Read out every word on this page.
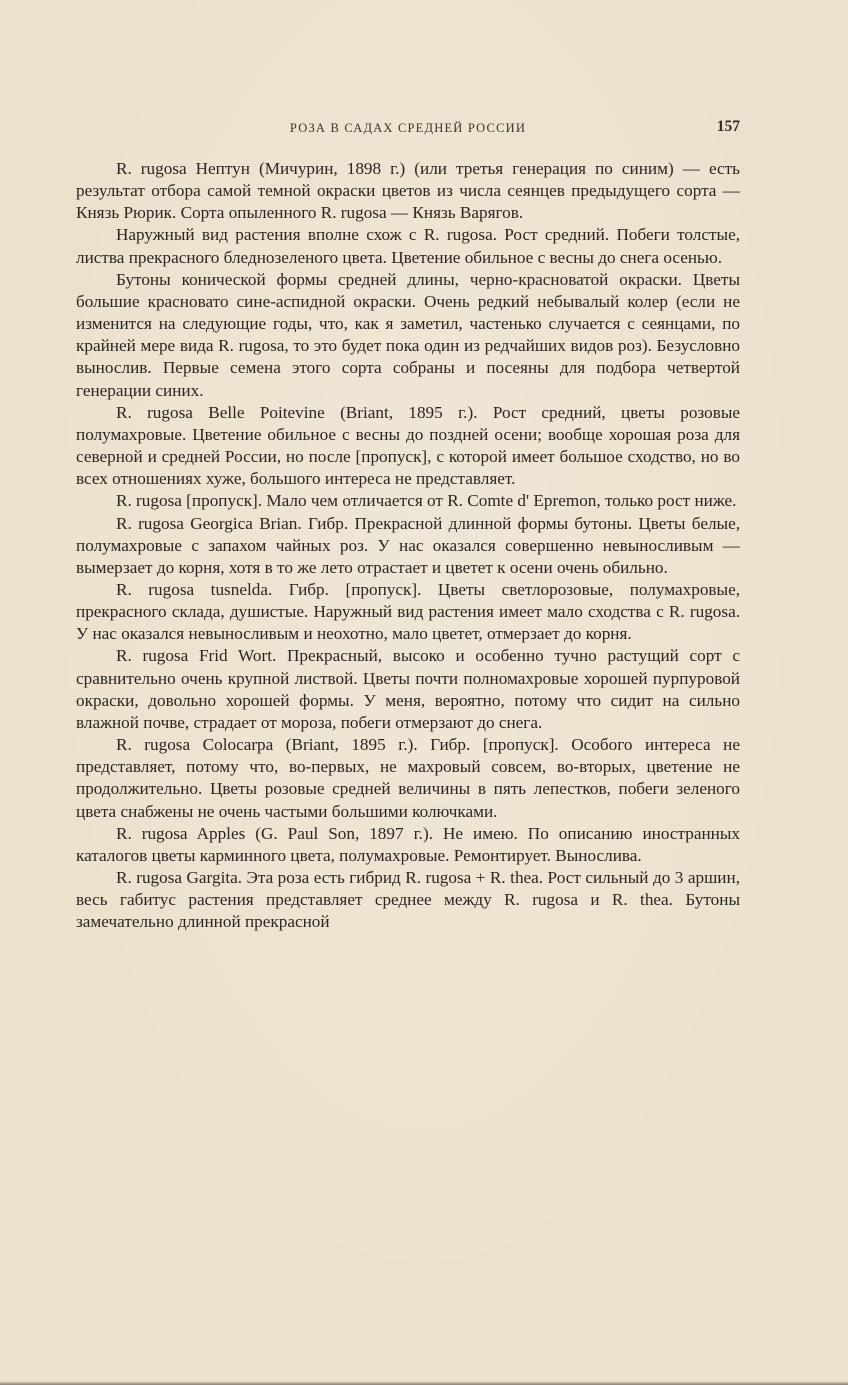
РОЗА В САДАХ СРЕДНЕЙ РОССИИ	157

R. rugosa Нептун (Мичурин, 1898 г.) (или третья генерация по синим) — есть результат отбора самой темной окраски цветов из числа сеянцев предыдущего сорта — Князь Рюрик. Сорта опыленного R. rugosa — Князь Варягов.

Наружный вид растения вполне схож с R. rugosa. Рост средний. Побеги толстые, листва прекрасного бледнозеленого цвета. Цветение обильное с весны до снега осенью.

Бутоны конической формы средней длины, черно-красноватой окраски. Цветы большие красновато сине-аспидной окраски. Очень редкий небывалый колер (если не изменится на следующие годы, что, как я заметил, частенько случается с сеянцами, по крайней мере вида R. rugosa, то это будет пока один из редчайших видов роз). Безусловно вынослив. Первые семена этого сорта собраны и посеяны для подбора четвертой генерации синих.

R. rugosa Belle Poitevine (Briant, 1895 г.). Рост средний, цветы розовые полумахровые. Цветение обильное с весны до поздней осени; вообще хорошая роза для северной и средней России, но после [пропуск], с которой имеет большое сходство, но во всех отношениях хуже, большого интереса не представляет.

R. rugosa [пропуск]. Мало чем отличается от R. Comte d' Epremon, только рост ниже.

R. rugosa Georgica Brian. Гибр. Прекрасной длинной формы бутоны. Цветы белые, полумахровые с запахом чайных роз. У нас оказался совершенно невыносливым — вымерзает до корня, хотя в то же лето отрастает и цветет к осени очень обильно.

R. rugosa tusnelda. Гибр. [пропуск]. Цветы светлорозовые, полумахровые, прекрасного склада, душистые. Наружный вид растения имеет мало сходства с R. rugosa. У нас оказался невыносливым и неохотно, мало цветет, отмерзает до корня.

R. rugosa Frid Wort. Прекрасный, высоко и особенно тучно растущий сорт с сравнительно очень крупной листвой. Цветы почти полномахровые хорошей пурпуровой окраски, довольно хорошей формы. У меня, вероятно, потому что сидит на сильно влажной почве, страдает от мороза, побеги отмерзают до снега.

R. rugosa Colocarpa (Briant, 1895 г.). Гибр. [пропуск]. Особого интереса не представляет, потому что, во-первых, не махровый совсем, во-вторых, цветение не продолжительно. Цветы розовые средней величины в пять лепестков, побеги зеленого цвета снабжены не очень частыми большими колючками.

R. rugosa Apples (G. Paul Son, 1897 г.). Не имею. По описанию иностранных каталогов цветы карминного цвета, полумахровые. Ремонтирует. Вынослива.

R. rugosa Gargita. Эта роза есть гибрид R. rugosa + R. thea. Рост сильный до 3 аршин, весь габитус растения представляет среднее между R. rugosa и R. thea. Бутоны замечательно длинной прекрасной
